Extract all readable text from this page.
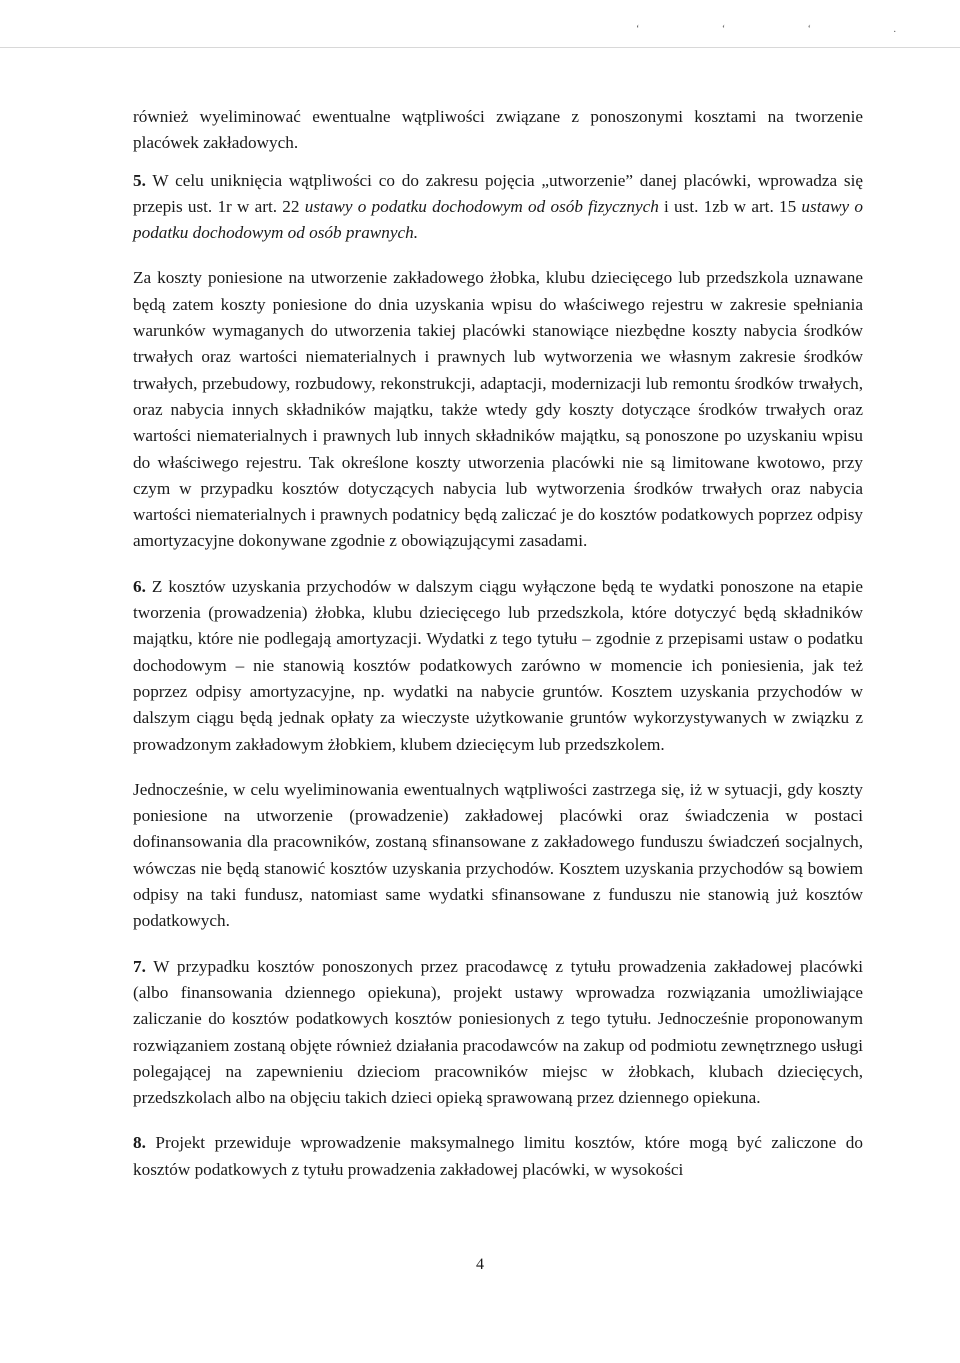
‘ ‘ ‘ .

również wyeliminować ewentualne wątpliwości związane z ponoszonymi kosztami na tworzenie placówek zakładowych.

5. W celu uniknięcia wątpliwości co do zakresu pojęcia „utworzenie” danej placówki, wprowadza się przepis ust. 1r w art. 22 ustawy o podatku dochodowym od osób fizycznych i ust. 1zb w art. 15 ustawy o podatku dochodowym od osób prawnych.

Za koszty poniesione na utworzenie zakładowego żłobka, klubu dziecięcego lub przedszkola uznawane będą zatem koszty poniesione do dnia uzyskania wpisu do właściwego rejestru w zakresie spełniania warunków wymaganych do utworzenia takiej placówki stanowiące niezbędne koszty nabycia środków trwałych oraz wartości niematerialnych i prawnych lub wytworzenia we własnym zakresie środków trwałych, przebudowy, rozbudowy, rekonstrukcji, adaptacji, modernizacji lub remontu środków trwałych, oraz nabycia innych składników majątku, także wtedy gdy koszty dotyczące środków trwałych oraz wartości niematerialnych i prawnych lub innych składników majątku, są ponoszone po uzyskaniu wpisu do właściwego rejestru. Tak określone koszty utworzenia placówki nie są limitowane kwotowo, przy czym w przypadku kosztów dotyczących nabycia lub wytworzenia środków trwałych oraz nabycia wartości niematerialnych i prawnych podatnicy będą zaliczać je do kosztów podatkowych poprzez odpisy amortyzacyjne dokonywane zgodnie z obowiązującymi zasadami.

6. Z kosztów uzyskania przychodów w dalszym ciągu wyłączone będą te wydatki ponoszone na etapie tworzenia (prowadzenia) żłobka, klubu dziecięcego lub przedszkola, które dotyczyć będą składników majątku, które nie podlegają amortyzacji. Wydatki z tego tytułu – zgodnie z przepisami ustaw o podatku dochodowym – nie stanowią kosztów podatkowych zarówno w momencie ich poniesienia, jak też poprzez odpisy amortyzacyjne, np. wydatki na nabycie gruntów. Kosztem uzyskania przychodów w dalszym ciągu będą jednak opłaty za wieczyste użytkowanie gruntów wykorzystywanych w związku z prowadzonym zakładowym żłobkiem, klubem dziecięcym lub przedszkolem.

Jednocześnie, w celu wyeliminowania ewentualnych wątpliwości zastrzega się, iż w sytuacji, gdy koszty poniesione na utworzenie (prowadzenie) zakładowej placówki oraz świadczenia w postaci dofinansowania dla pracowników, zostaną sfinansowane z zakładowego funduszu świadczeń socjalnych, wówczas nie będą stanowić kosztów uzyskania przychodów. Kosztem uzyskania przychodów są bowiem odpisy na taki fundusz, natomiast same wydatki sfinansowane z funduszu nie stanowią już kosztów podatkowych.

7. W przypadku kosztów ponoszonych przez pracodawcę z tytułu prowadzenia zakładowej placówki (albo finansowania dziennego opiekuna), projekt ustawy wprowadza rozwiązania umożliwiające zaliczanie do kosztów podatkowych kosztów poniesionych z tego tytułu. Jednocześnie proponowanym rozwiązaniem zostaną objęte również działania pracodawców na zakup od podmiotu zewnętrznego usługi polegającej na zapewnieniu dzieciom pracowników miejsc w żłobkach, klubach dziecięcych, przedszkolach albo na objęciu takich dzieci opieką sprawowaną przez dziennego opiekuna.

8. Projekt przewiduje wprowadzenie maksymalnego limitu kosztów, które mogą być zaliczone do kosztów podatkowych z tytułu prowadzenia zakładowej placówki, w wysokości

4
